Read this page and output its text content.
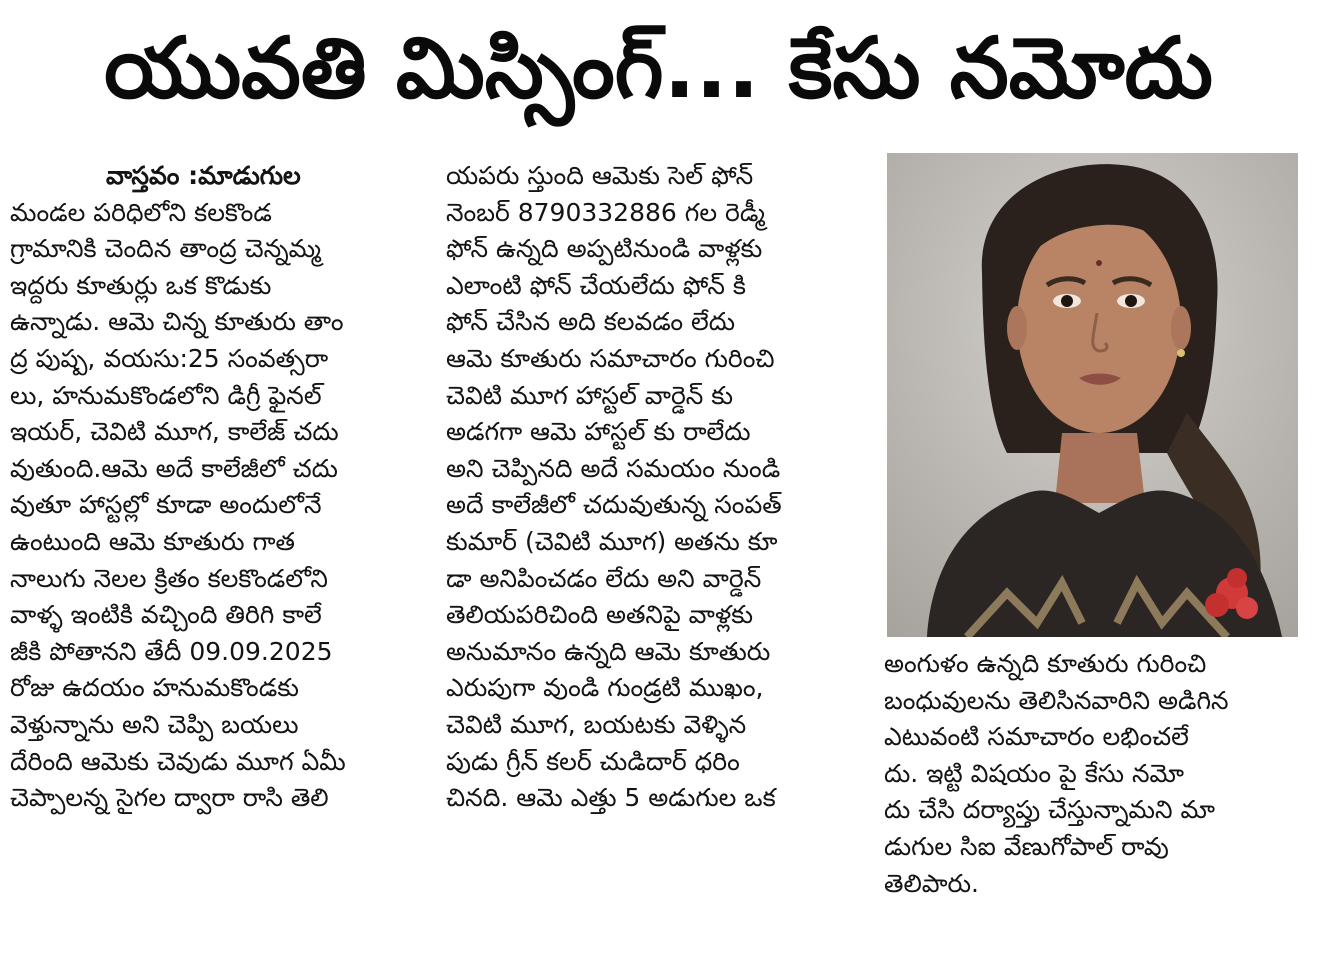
యువతి మిస్సింగ్... కేసు నమోదు
వాస్తవం :మాడుగుల
మండల పరిధిలోని కలకొండ
గ్రామానికి చెందిన తాంద్ర చెన్నమ్మ
ఇద్దరు కూతుర్లు ఒక కొడుకు
ఉన్నాడు. ఆమె చిన్న కూతురు తాం
ద్ర పుష్ప, వయసు:25 సంవత్సరా
లు, హనుమకొండలోని డిగ్రీ ఫైనల్
ఇయర్, చెవిటి మూగ, కాలేజ్ చదు
వుతుంది.ఆమె అదే కాలేజీలో చదు
వుతూ హాస్టల్లో కూడా అందులోనే
ఉంటుంది ఆమె కూతురు గాత
నాలుగు నెలల క్రితం కలకొండలోని
వాళ్ళ ఇంటికి వచ్చింది తిరిగి కాలే
జీకి పోతానని తేదీ 09.09.2025
రోజు ఉదయం హనుమకొండకు
వెళ్తున్నాను అని చెప్పి బయలు
దేరింది ఆమెకు చెవుడు మూగ ఏమీ
చెప్పాలన్న సైగల ద్వారా రాసి తెలి
యపరు స్తుంది ఆమెకు సెల్ ఫోన్
నెంబర్ 8790332886 గల రెడ్మీ
ఫోన్ ఉన్నది అప్పటినుండి వాళ్లకు
ఎలాంటి ఫోన్ చేయలేదు ఫోన్ కి
ఫోన్ చేసిన అది కలవడం లేదు
ఆమె కూతురు సమాచారం గురించి
చెవిటి మూగ హాస్టల్ వార్డెన్ కు
అడగగా ఆమె హాస్టల్ కు రాలేదు
అని చెప్పినది అదే సమయం నుండి
అదే కాలేజీలో చదువుతున్న సంపత్
కుమార్ (చెవిటి మూగ) అతను కూ
డా అనిపించడం లేదు అని వార్డెన్
తెలియపరిచింది అతనిపై వాళ్లకు
అనుమానం ఉన్నది ఆమె కూతురు
ఎరుపుగా వుండి గుండ్రటి ముఖం,
చెవిటి మూగ, బయటకు వెళ్ళిన
పుడు గ్రీన్ కలర్ చుడిదార్ ధరిం
చినది. ఆమె ఎత్తు 5 అడుగుల ఒక
అంగుళం ఉన్నది కూతురు గురించి
బంధువులను తెలిసినవారిని అడిగిన
ఎటువంటి సమాచారం లభించలే
దు. ఇట్టి విషయం పై కేసు నమో
దు చేసి దర్యాప్తు చేస్తున్నామని మా
డుగుల సిఐ వేణుగోపాల్ రావు
తెలిపారు.
